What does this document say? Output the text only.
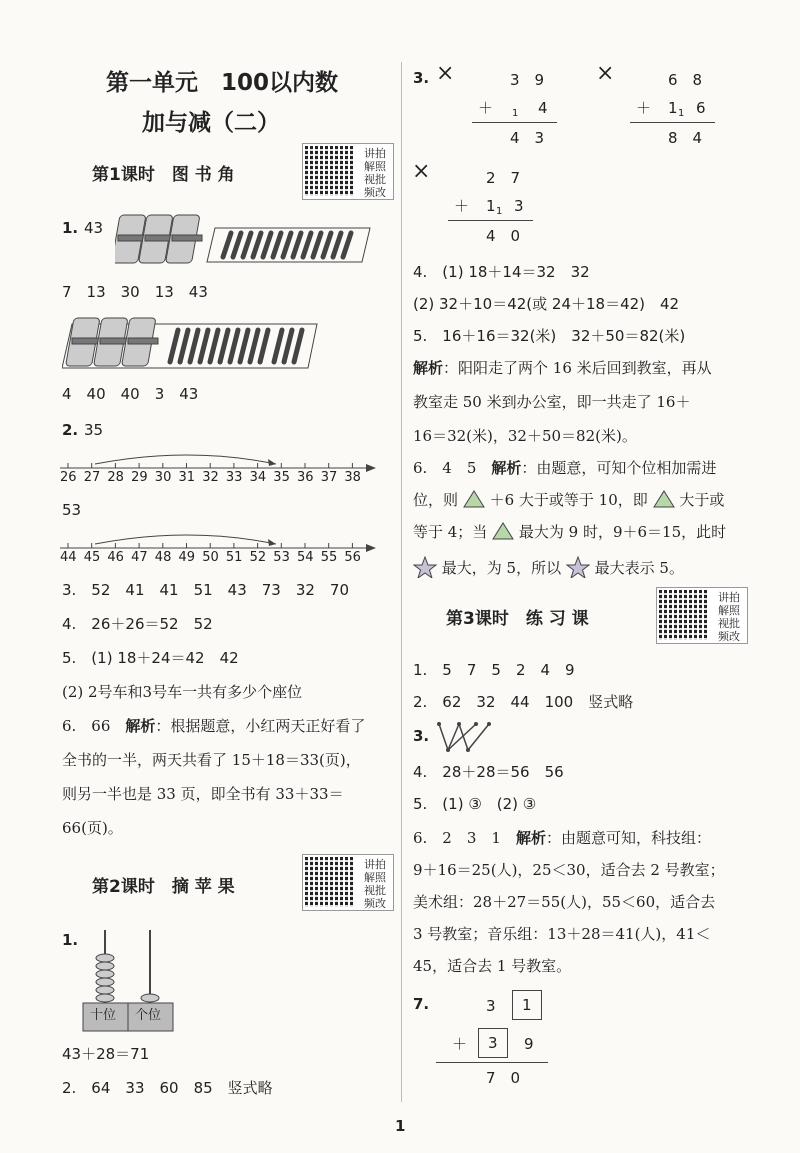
第一单元　100以内数
加与减（二）
第1课时　图 书 角
讲拍解照视批频改
1. 43
7　13　30　13　43
4　40　40　3　43
2. 35
26 27 28 29 30 31 32 33 34 35 36 37 38
53
44 45 46 47 48 49 50 51 52 53 54 55 56
3.　52　41　41　51　43　73　32　70
4.　26＋26＝52　52
5.　(1) 18＋24＝42　42
(2) 2号车和3号车一共有多少个座位
6.　66　解析：根据题意，小红两天正好看了
全书的一半，两天共看了 15＋18＝33(页)，
则另一半也是 33 页，即全书有 33＋33＝
66(页)。
第2课时　摘 苹 果
讲拍解照视批频改
1.
十位 个位
43＋28＝71
2.　64　33　60　85　竖式略
3. ×	3　9
＋ 1 4
4　3
×	6　8
＋ 1 1 6
8　4
×	2　7
＋ 1 1 3
4　0
4.　(1) 18＋14＝32　32
(2) 32＋10＝42(或 24＋18＝42)　42
5.　16＋16＝32(米)　32＋50＝82(米)
解析：阳阳走了两个 16 米后回到教室，再从
教室走 50 米到办公室，即一共走了 16＋
16＝32(米)，32＋50＝82(米)。
6.　4　5　解析：由题意，可知个位相加需进
位，则 ＋6 大于或等于 10，即 大于或
等于 4；当 最大为 9 时，9＋6＝15，此时
最大，为 5，所以 最大表示 5。
第3课时　练 习 课
讲拍解照视批频改
1.　5　7　5　2　4　9
2.　62　32　44　100　竖式略
3.
4.　28＋28＝56　56
5.　(1) ③　(2) ③
6.　2　3　1　解析：由题意可知，科技组：
9＋16＝25(人)，25＜30，适合去 2 号教室；
美术组：28＋27＝55(人)，55＜60，适合去
3 号教室；音乐组：13＋28＝41(人)，41＜
45，适合去 1 号教室。
7.	3 1
＋ 3 9
7　0
1
